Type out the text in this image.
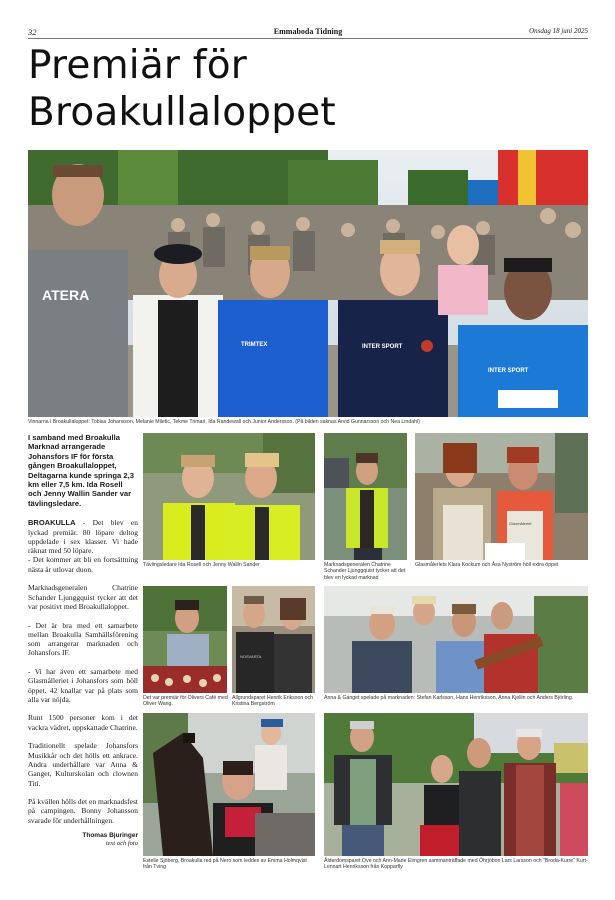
32	Emmaboda Tidning	Onsdag 18 juni 2025
Premiär för
Broakullaloppet
ATERA
TRIMTEX	INTER SPORT
INTER SPORT
Vinnarna i Broakullaloppet: Tobias Johansson, Melanie Miletic, Tekme Trimari, Ida Randewall och Junior Andersson. (På bilden saknas Arvid Gunnarsson och Nea Lindahl)

I samband med Broakulla Marknad arrangerade Johansfors IF för första gången Broakullaloppet, Deltagarna kunde springa 2,3 km eller 7,5 km. Ida Rosell och Jenny Wallin Sander var tävlingsledare.

BROAKULLA - Det blev en lyckad premiär. 80 löpare deltog uppdelade i sex klasser. Vi hade räknat med 50 löpare.

- Det kommer att bli en fortsättning nästa år utlovar duon.

Marknadsgeneralen Chatrine Schander Ljunggquist tycker att det var positivt med Broakullaloppet.

- Det är bra med ett samarbete mellan Broakulla Samhällsförening som arrangerar marknaden och Johansfors IF.

- Vi har även ett samarbete med Glasmålleriet i Johansfors som höll öppet. 42 knallar var på plats som alla var nöjda.

Runt 1500 personer kom i det vackra vädret, uppskattade Chatrine.

Traditionellt spelade Johansfors Musikkår och det hölls ett ankrace. Andra underhållare var Anna & Ganget, Kulturskolan och clownen Titi.

På kvällen hölls det en marknadsfest på campingen. Bonny Johansson svarade för underhållningen.

Thomas Bjuringer
text och foto
Tävlingsledare Ida Rosell och Jenny Wallin Sander	Marknadsgeneralen Chatrine Schander Ljunggquist tycker att det blev en lyckad marknad
Glasmåleriet
Glasmålerlets Klara Kockum och Åsa Nyström höll extra öppet
Det var premiär för Olivers Café med Oliver Wang.
NOSVARTA
Allgrundsparet Henrik Eriksson och Kristina Bergström
Anna & Ganget spelade på marknaden: Stefan Karlsson, Hans Henriksson, Anna Kjellin och Anders Björling.
Estelle Sjöberg, Broakulla red på Nero som leddes av Emma Holmqvist från Tving
Ålderdomsparet Ove och Ann-Marie Elmgren sammanträffade med Öhrjöbon Lars Larsson och "Broda-Kurre" Kurt-Lennart Henriksson från Kopparfly
